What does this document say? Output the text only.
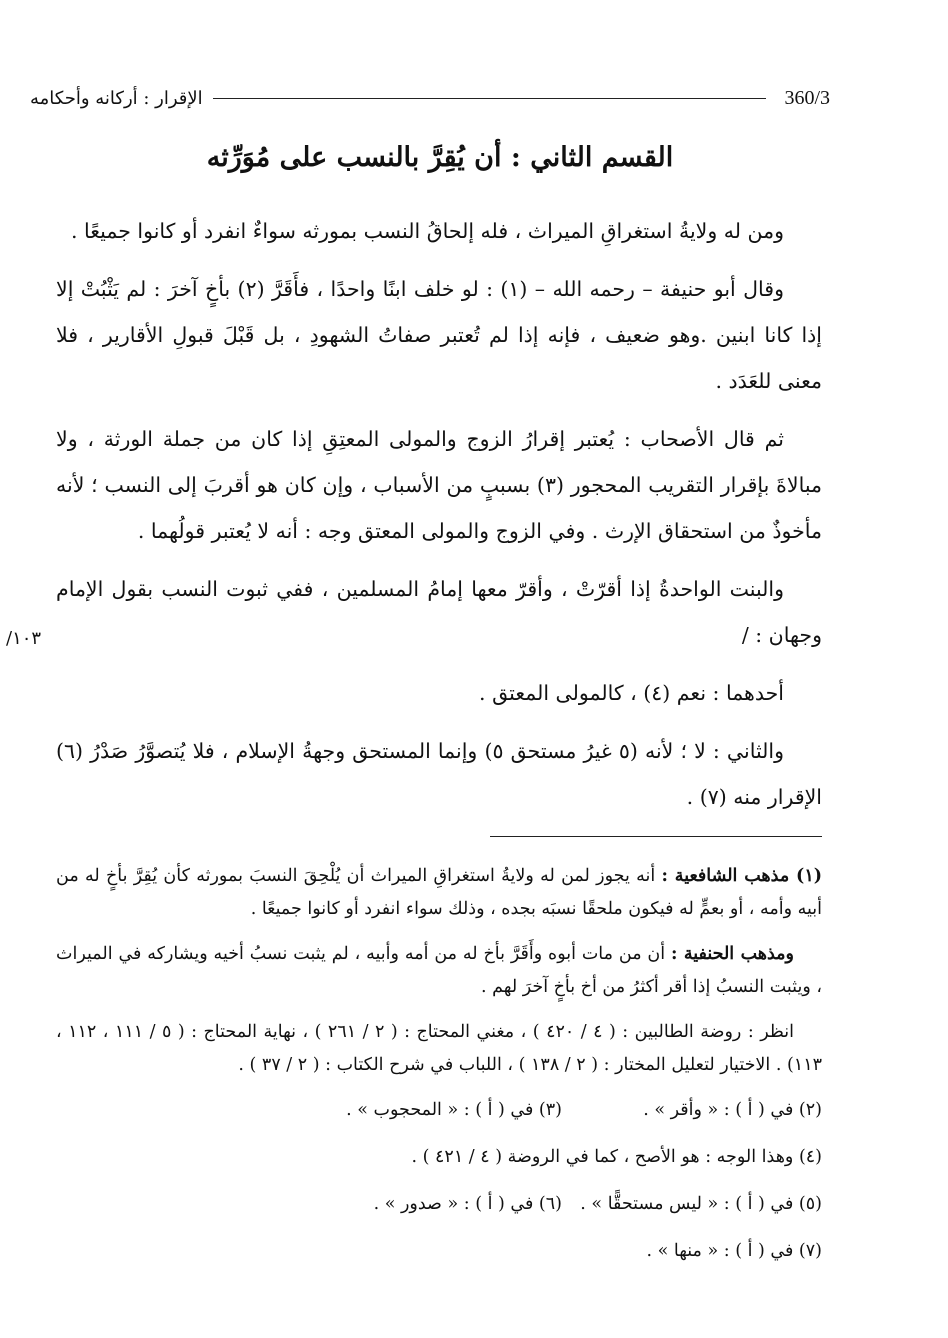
360/3
الإقرار : أركانه وأحكامه
القسم الثاني : أن يُقِرَّ بالنسب على مُوَرِّثه

ومن له ولايةُ استغراقِ الميراث ، فله إلحاقُ النسب بمورثه سواءٌ انفرد أو كانوا جميعًا .

وقال أبو حنيفة – رحمه الله – (١) : لو خلف ابنًا واحدًا ، فأَقَرَّ (٢) بأخٍ آخرَ : لم يَثْبُتْ إلا إذا كانا ابنين .وهو ضعيف ، فإنه إذا لم تُعتبر صفاتُ الشهودِ ، بل قَبْلَ قبولِ الأقارير ، فلا معنى للعَدَد .

ثم قال الأصحاب : يُعتبر إقرارُ الزوج والمولى المعتِقِ إذا كان من جملة الورثة ، ولا مبالاةَ بإقرار التقريب المحجور (٣) بسببٍ من الأسباب ، وإن كان هو أقربَ إلى النسب ؛ لأنه مأخوذٌ من استحقاق الإرث . وفي الزوج والمولى المعتق وجه : أنه لا يُعتبر قولُهما .

والبنت الواحدةُ إذا أقرّتْ ، وأقرّ معها إمامُ المسلمين ، ففي ثبوت النسب بقول الإمام وجهان : /

أحدهما : نعم (٤) ، كالمولى المعتق .

والثاني : لا ؛ لأنه (٥ غيرُ مستحق ٥) وإنما المستحق وجهةُ الإسلام ، فلا يُتصوَّرُ صَدْرُ (٦) الإقرار منه (٧) .

١٠٣/

(١) مذهب الشافعية : أنه يجوز لمن له ولايةُ استغراقِ الميراث أن يُلْحِقَ النسبَ بمورثه كأن يُقِرَّ بأخٍ له من أبيه وأمه ، أو بعمٍّ له فيكون ملحقًا نسبَه بجده ، وذلك سواء انفرد أو كانوا جميعًا .

ومذهب الحنفية : أن من مات أبوه وأَقَرَّ بأخ له من أمه وأبيه ، لم يثبت نسبُ أخيه ويشاركه في الميراث ، ويثبت النسبُ إذا أقر أكثرُ من أخ بأخٍ آخرَ لهم .

انظر : روضة الطالبين : ( ٤ / ٤٢٠ ) ، مغني المحتاج : ( ٢ / ٢٦١ ) ، نهاية المحتاج : ( ٥ / ١١١ ، ١١٢ ، ١١٣) . الاختيار لتعليل المختار : ( ٢ / ١٣٨ ) ، اللباب في شرح الكتاب : ( ٢ / ٣٧ ) .

(٢) في ( أ ) : « وأقر » .
(٣) في ( أ ) : « المحجوب » .
(٤) وهذا الوجه : هو الأصح ، كما في الروضة ( ٤ / ٤٢١ ) .
(٥) في ( أ ) : « ليس مستحقًّا » .
(٦) في ( أ ) : « صدور » .
(٧) في ( أ ) : « منها » .
